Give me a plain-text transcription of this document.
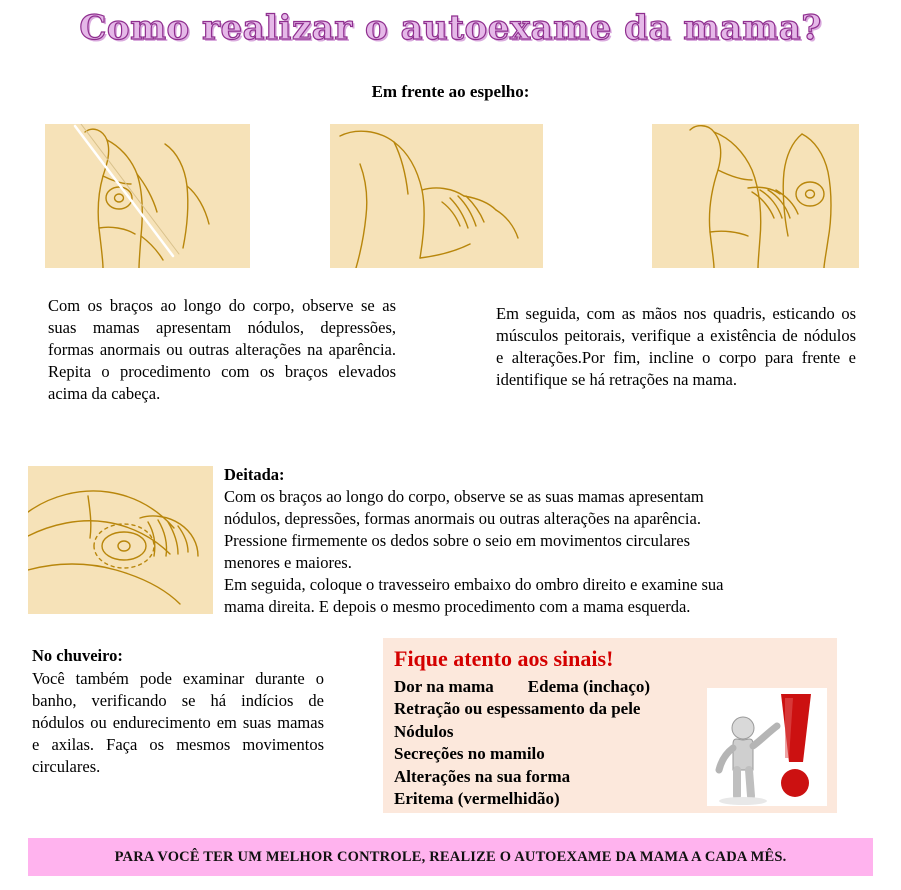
Como realizar o autoexame da mama?
Em frente ao espelho:
Com os braços ao longo do corpo, observe se as suas mamas apresentam nódulos, depressões, formas anormais ou outras alterações na aparência. Repita o procedimento com os braços elevados acima da cabeça.
Em seguida, com as mãos nos quadris, esticando os músculos peitorais, verifique a existência de nódulos e alterações.Por fim, incline o corpo para frente e identifique se há retrações na mama.

Deitada:

Com os braços ao longo do corpo, observe se as suas mamas apresentam

nódulos, depressões, formas anormais ou outras alterações na aparência.

Pressione firmemente os dedos sobre o seio em movimentos circulares

menores e maiores.

Em seguida, coloque o travesseiro embaixo do ombro direito e examine sua

mama direita. E depois o mesmo procedimento com a mama esquerda.

No chuveiro:
Você também pode examinar durante o banho, verificando se há indícios de nódulos ou endurecimento em suas mamas e axilas. Faça os mesmos movimentos circulares.
Fique atento aos sinais!
Dor na mama Edema (inchaço)
Retração ou espessamento da pele
Nódulos
Secreções no mamilo
Alterações na sua forma
Eritema (vermelhidão)
PARA VOCÊ TER UM MELHOR CONTROLE, REALIZE O AUTOEXAME DA MAMA A CADA MÊS.
